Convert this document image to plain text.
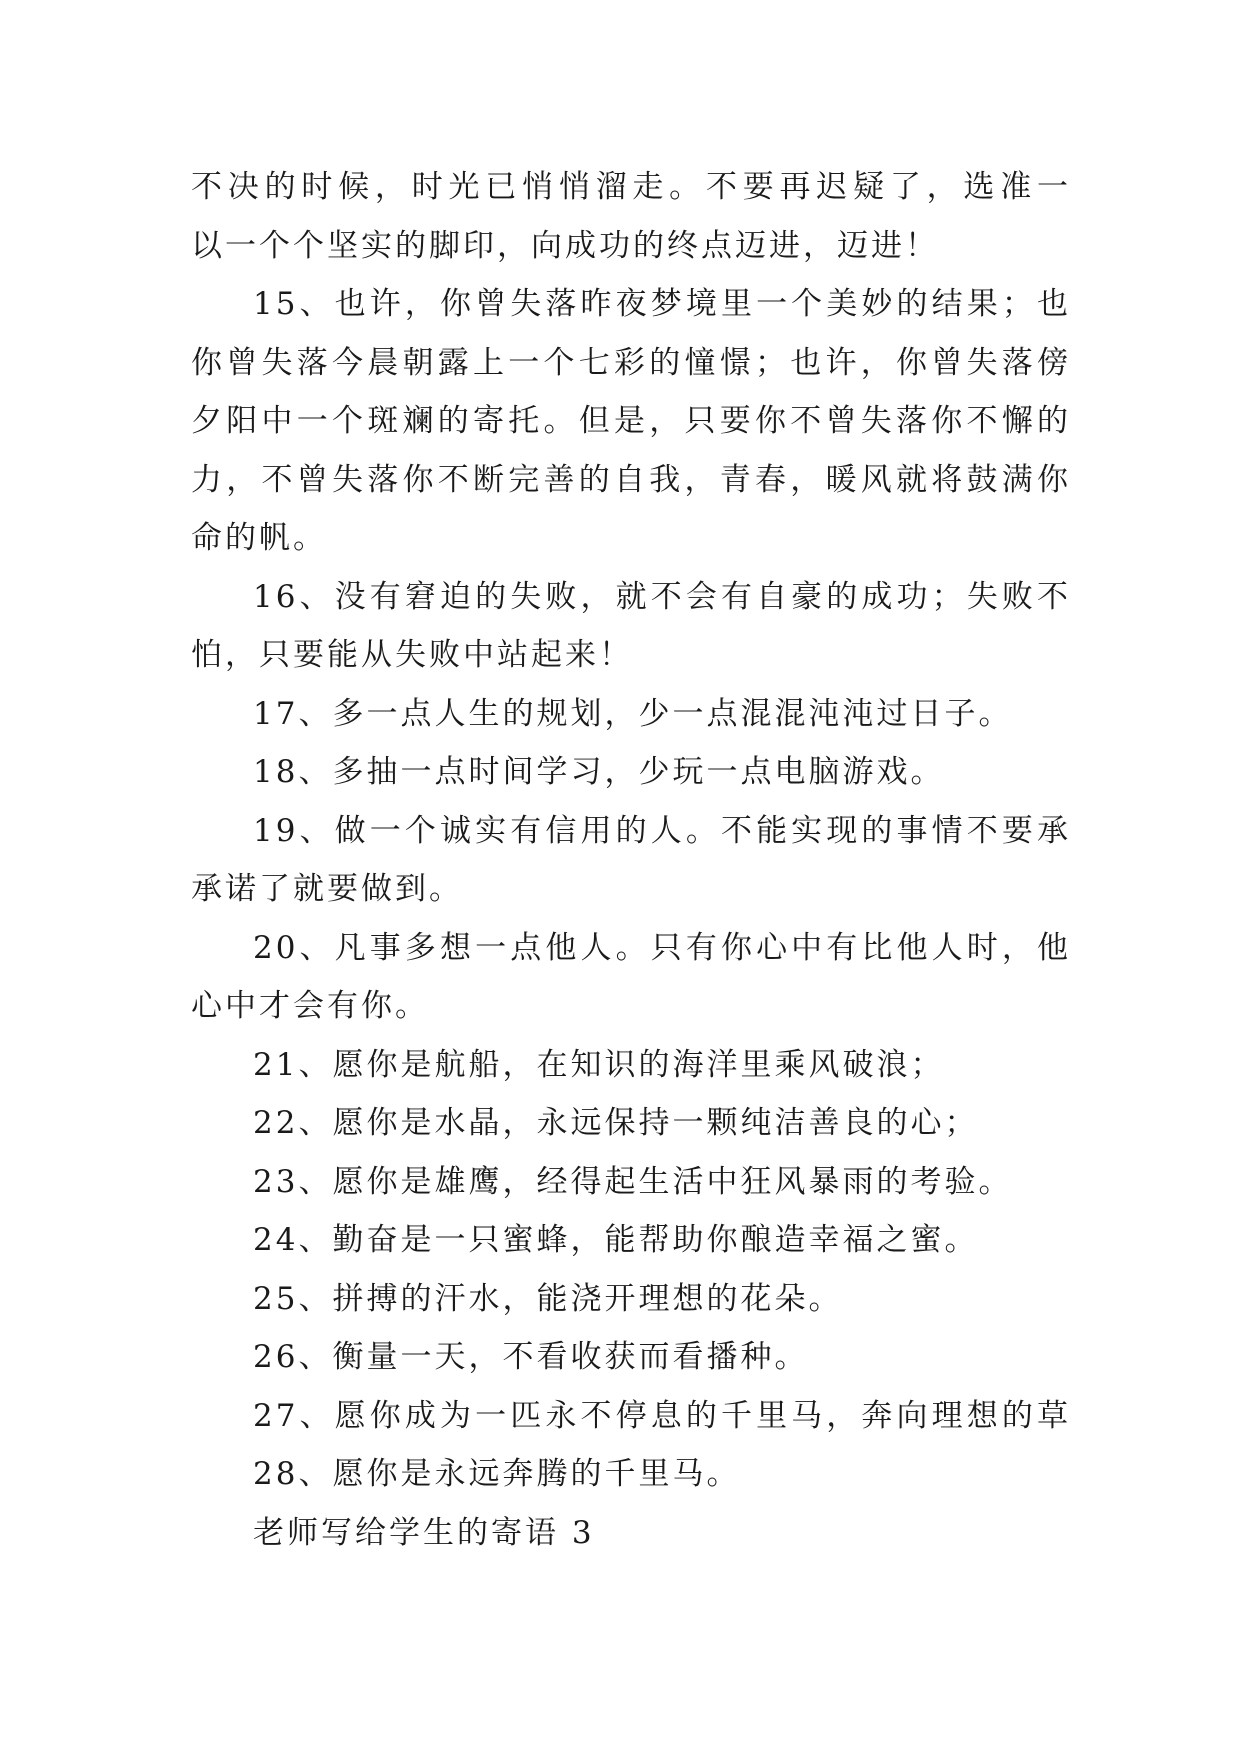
不决的时候，时光已悄悄溜走。不要再迟疑了，选准一
以一个个坚实的脚印，向成功的终点迈进，迈进！
15、也许，你曾失落昨夜梦境里一个美妙的结果；也
你曾失落今晨朝露上一个七彩的憧憬；也许，你曾失落傍
夕阳中一个斑斓的寄托。但是，只要你不曾失落你不懈的
力，不曾失落你不断完善的自我，青春，暖风就将鼓满你
命的帆。
16、没有窘迫的失败，就不会有自豪的成功；失败不
怕，只要能从失败中站起来！
17、多一点人生的规划，少一点混混沌沌过日子。
18、多抽一点时间学习，少玩一点电脑游戏。
19、做一个诚实有信用的人。不能实现的事情不要承
承诺了就要做到。
20、凡事多想一点他人。只有你心中有比他人时，他
心中才会有你。
21、愿你是航船，在知识的海洋里乘风破浪；
22、愿你是水晶，永远保持一颗纯洁善良的心；
23、愿你是雄鹰，经得起生活中狂风暴雨的考验。
24、勤奋是一只蜜蜂，能帮助你酿造幸福之蜜。
25、拼搏的汗水，能浇开理想的花朵。
26、衡量一天，不看收获而看播种。
27、愿你成为一匹永不停息的千里马，奔向理想的草
28、愿你是永远奔腾的千里马。
老师写给学生的寄语 3
